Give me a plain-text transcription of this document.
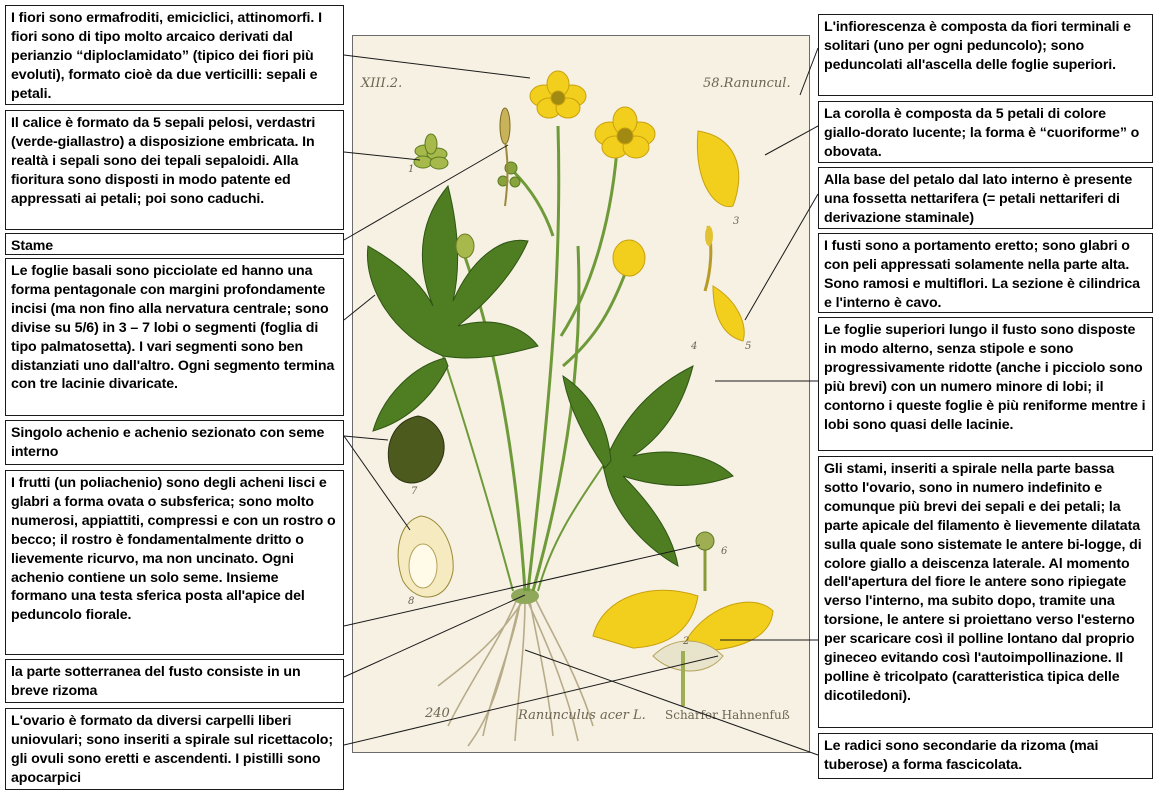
XIII.2.	58.Ranuncul.
240	Ranunculus acer L. Scharfer Hahnenfuß
1
2
3
4	5
6
7
8
I fiori sono ermafroditi, emiciclici, attinomorfi. I fiori sono di tipo molto arcaico derivati dal perianzio “diploclamidato” (tipico dei fiori più evoluti), formato cioè da due verticilli: sepali e petali.
Il calice è formato da 5 sepali pelosi, verdastri (verde-giallastro) a disposizione embricata. In realtà i sepali sono dei tepali sepaloidi. Alla fioritura sono disposti in modo patente ed appressati ai petali; poi sono caduchi.
Stame
Le foglie basali sono picciolate ed hanno una forma pentagonale con margini profondamente incisi (ma non fino alla nervatura centrale; sono divise su 5/6) in 3 – 7 lobi o segmenti (foglia di tipo palmatosetta). I vari segmenti sono ben distanziati uno dall'altro. Ogni segmento termina con tre lacinie divaricate.
Singolo achenio e achenio sezionato con seme interno
I frutti (un poliachenio) sono degli acheni lisci e glabri a forma ovata o subsferica; sono molto numerosi, appiattiti, compressi e con un rostro o becco; il rostro è fondamentalmente dritto o lievemente ricurvo, ma non uncinato. Ogni achenio contiene un solo seme. Insieme formano una testa sferica posta all'apice del peduncolo fiorale.
la parte sotterranea del fusto consiste in un breve rizoma
L'ovario è formato da diversi carpelli liberi uniovulari; sono inseriti a spirale sul ricettacolo; gli ovuli sono eretti e ascendenti. I pistilli sono apocarpici
L'infiorescenza è composta da fiori terminali e solitari (uno per ogni peduncolo); sono peduncolati all'ascella delle foglie superiori.
La corolla è composta da 5 petali di colore giallo-dorato lucente; la forma è “cuoriforme” o obovata.
Alla base del petalo dal lato interno è presente una fossetta nettarifera (= petali nettariferi di derivazione staminale)
I fusti sono a portamento eretto; sono glabri o con peli appressati solamente nella parte alta. Sono ramosi e multiflori. La sezione è cilindrica e l'interno è cavo.
Le foglie superiori lungo il fusto sono disposte in modo alterno, senza stipole e sono progressivamente ridotte (anche i picciolo sono più brevi) con un numero minore di lobi; il contorno i queste foglie è più reniforme mentre i lobi sono quasi delle lacinie.
Gli stami, inseriti a spirale nella parte bassa sotto l'ovario, sono in numero indefinito e comunque più brevi dei sepali e dei petali; la parte apicale del filamento è lievemente dilatata sulla quale sono sistemate le antere bi-logge, di colore giallo a deiscenza laterale. Al momento dell'apertura del fiore le antere sono ripiegate verso l'interno, ma subito dopo, tramite una torsione, le antere si proiettano verso l'esterno per scaricare così il polline lontano dal proprio gineceo evitando così l'autoimpollinazione. Il polline è tricolpato (caratteristica tipica delle dicotiledoni).
Le radici sono secondarie da rizoma (mai tuberose) a forma fascicolata.
